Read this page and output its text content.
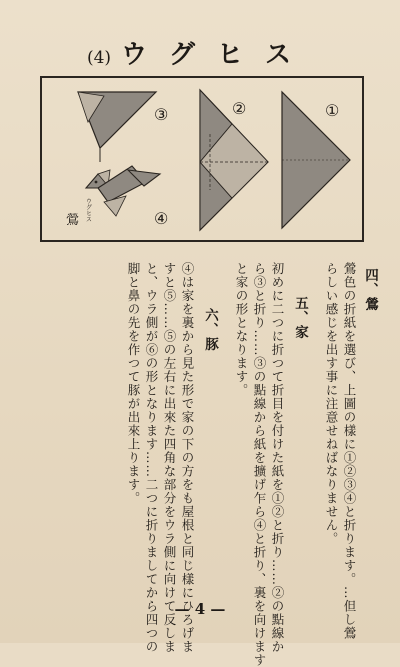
(4) ウグヒス
①
②
③
④
鶯 ウグヒス
四、鶯
鶯色の折紙を選び、上圖の樣に①②③④と折ります。…但し鶯
らしい感じを出す事に注意せねばなりません。
五、家
初めに二つに折つて折目を付けた紙を①②と折り……②の點線か
ら③と折り……③の點線から紙を擴げ乍ら④と折り、裏を向けます
と家の形となります。
六、豚
④は家を裏から見た形で家の下の方をも屋根と同じ樣にひろげま
すと⑤……⑤の左右に出來た四角な部分をウラ側に向けて反しま
と、ウラ側が⑥の形となります……二つに折りましてから四つの
脚と鼻の先を作つて豚が出來上ります。
— 4 —
